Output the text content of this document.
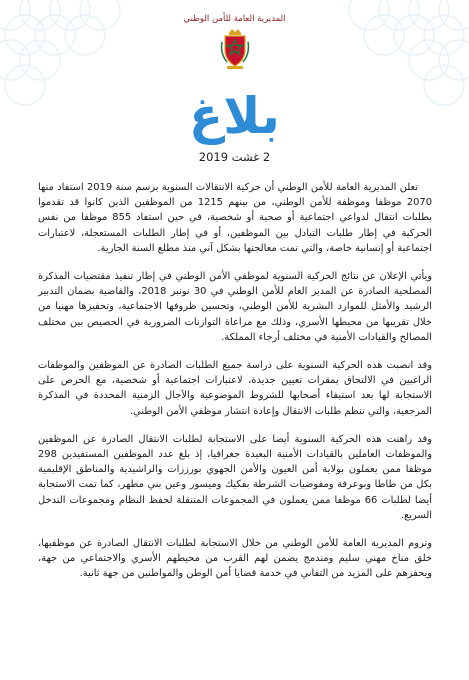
المديرية العامة للأمن الوطني
بلاغ
2 غشت 2019

تعلن المديرية العامة للأمن الوطني أن حركية الانتقالات السنوية برسم سنة 2019 استفاد منها 2070 موظفا وموظفة للأمن الوطني، من بينهم 1215 من الموظفين الذين كانوا قد تقدموا بطلبات انتقال لدواعي اجتماعية أو صحية أو شخصية، في حين استفاد 855 موظفا من نفس الحركية في إطار طلبات التبادل بين الموظفين، أو في إطار الطلبات المستعجلة، لاعتبارات اجتماعية أو إنسانية خاصة، والتي تمت معالجتها بشكل آني منذ مطلع السنة الجارية.

ويأتي الإعلان عن نتائج الحركية السنوية لموظفي الأمن الوطني في إطار تنفيذ مقتضيات المذكرة المصلحية الصادرة عن المدير العام للأمن الوطني في 30 نونبر 2018، والقاضية بضمان التدبير الرشيد والأمثل للموارد البشرية للأمن الوطني، وتحسين ظروفها الاجتماعية، وتحفيزها مهنيا من خلال تقريبها من محيطها الأسري، وذلك مع مراعاة التوازنات الضرورية في الحصيص بين مختلف المصالح والقيادات الأمنية في مختلف أرجاء المملكة.

وقد انصبت هذه الحركية السنوية على دراسة جميع الطلبات الصادرة عن الموظفين والموظفات الراغبين في الالتحاق بمقرات تعيين جديدة، لاعتبارات اجتماعية أو شخصية، مع الحرص على الاستجابة لها بعد استيفاء أصحابها للشروط الموضوعية والآجال الزمنية المحددة في المذكرة المرجعية، والتي تنظم طلبات الانتقال وإعادة انتشار موظفي الأمن الوطني.

وقد راهنت هذه الحركية السنوية أيضا على الاستجابة لطلبات الانتقال الصادرة عن الموظفين والموظفات العاملين بالقيادات الأمنية البعيدة جغرافيا، إذ بلغ عدد الموظفين المستفيدين 298 موظفا ممن يعملون بولاية أمن العيون والأمن الجهوي بورززات والراشيدية والمناطق الإقليمية بكل من طاطا وبوعرفة ومفوضيات الشرطة بفكيك وميسور وعين بني مطهر، كما تمت الاستجابة أيضا لطلبات 66 موظفا ممن يعملون في المجموعات المتنقلة لحفظ النظام ومجموعات التدخل السريع.

وتروم المديرية العامة للأمن الوطني من خلال الاستجابة لطلبات الانتقال الصادرة عن موظفيها، خلق مناخ مهني سليم ومندمج يضمن لهم القرب من محيطهم الأسري والاجتماعي من جهة، ويحفزهم على المزيد من التفاني في خدمة قضايا أمن الوطن والمواطنين من جهة ثانية.
